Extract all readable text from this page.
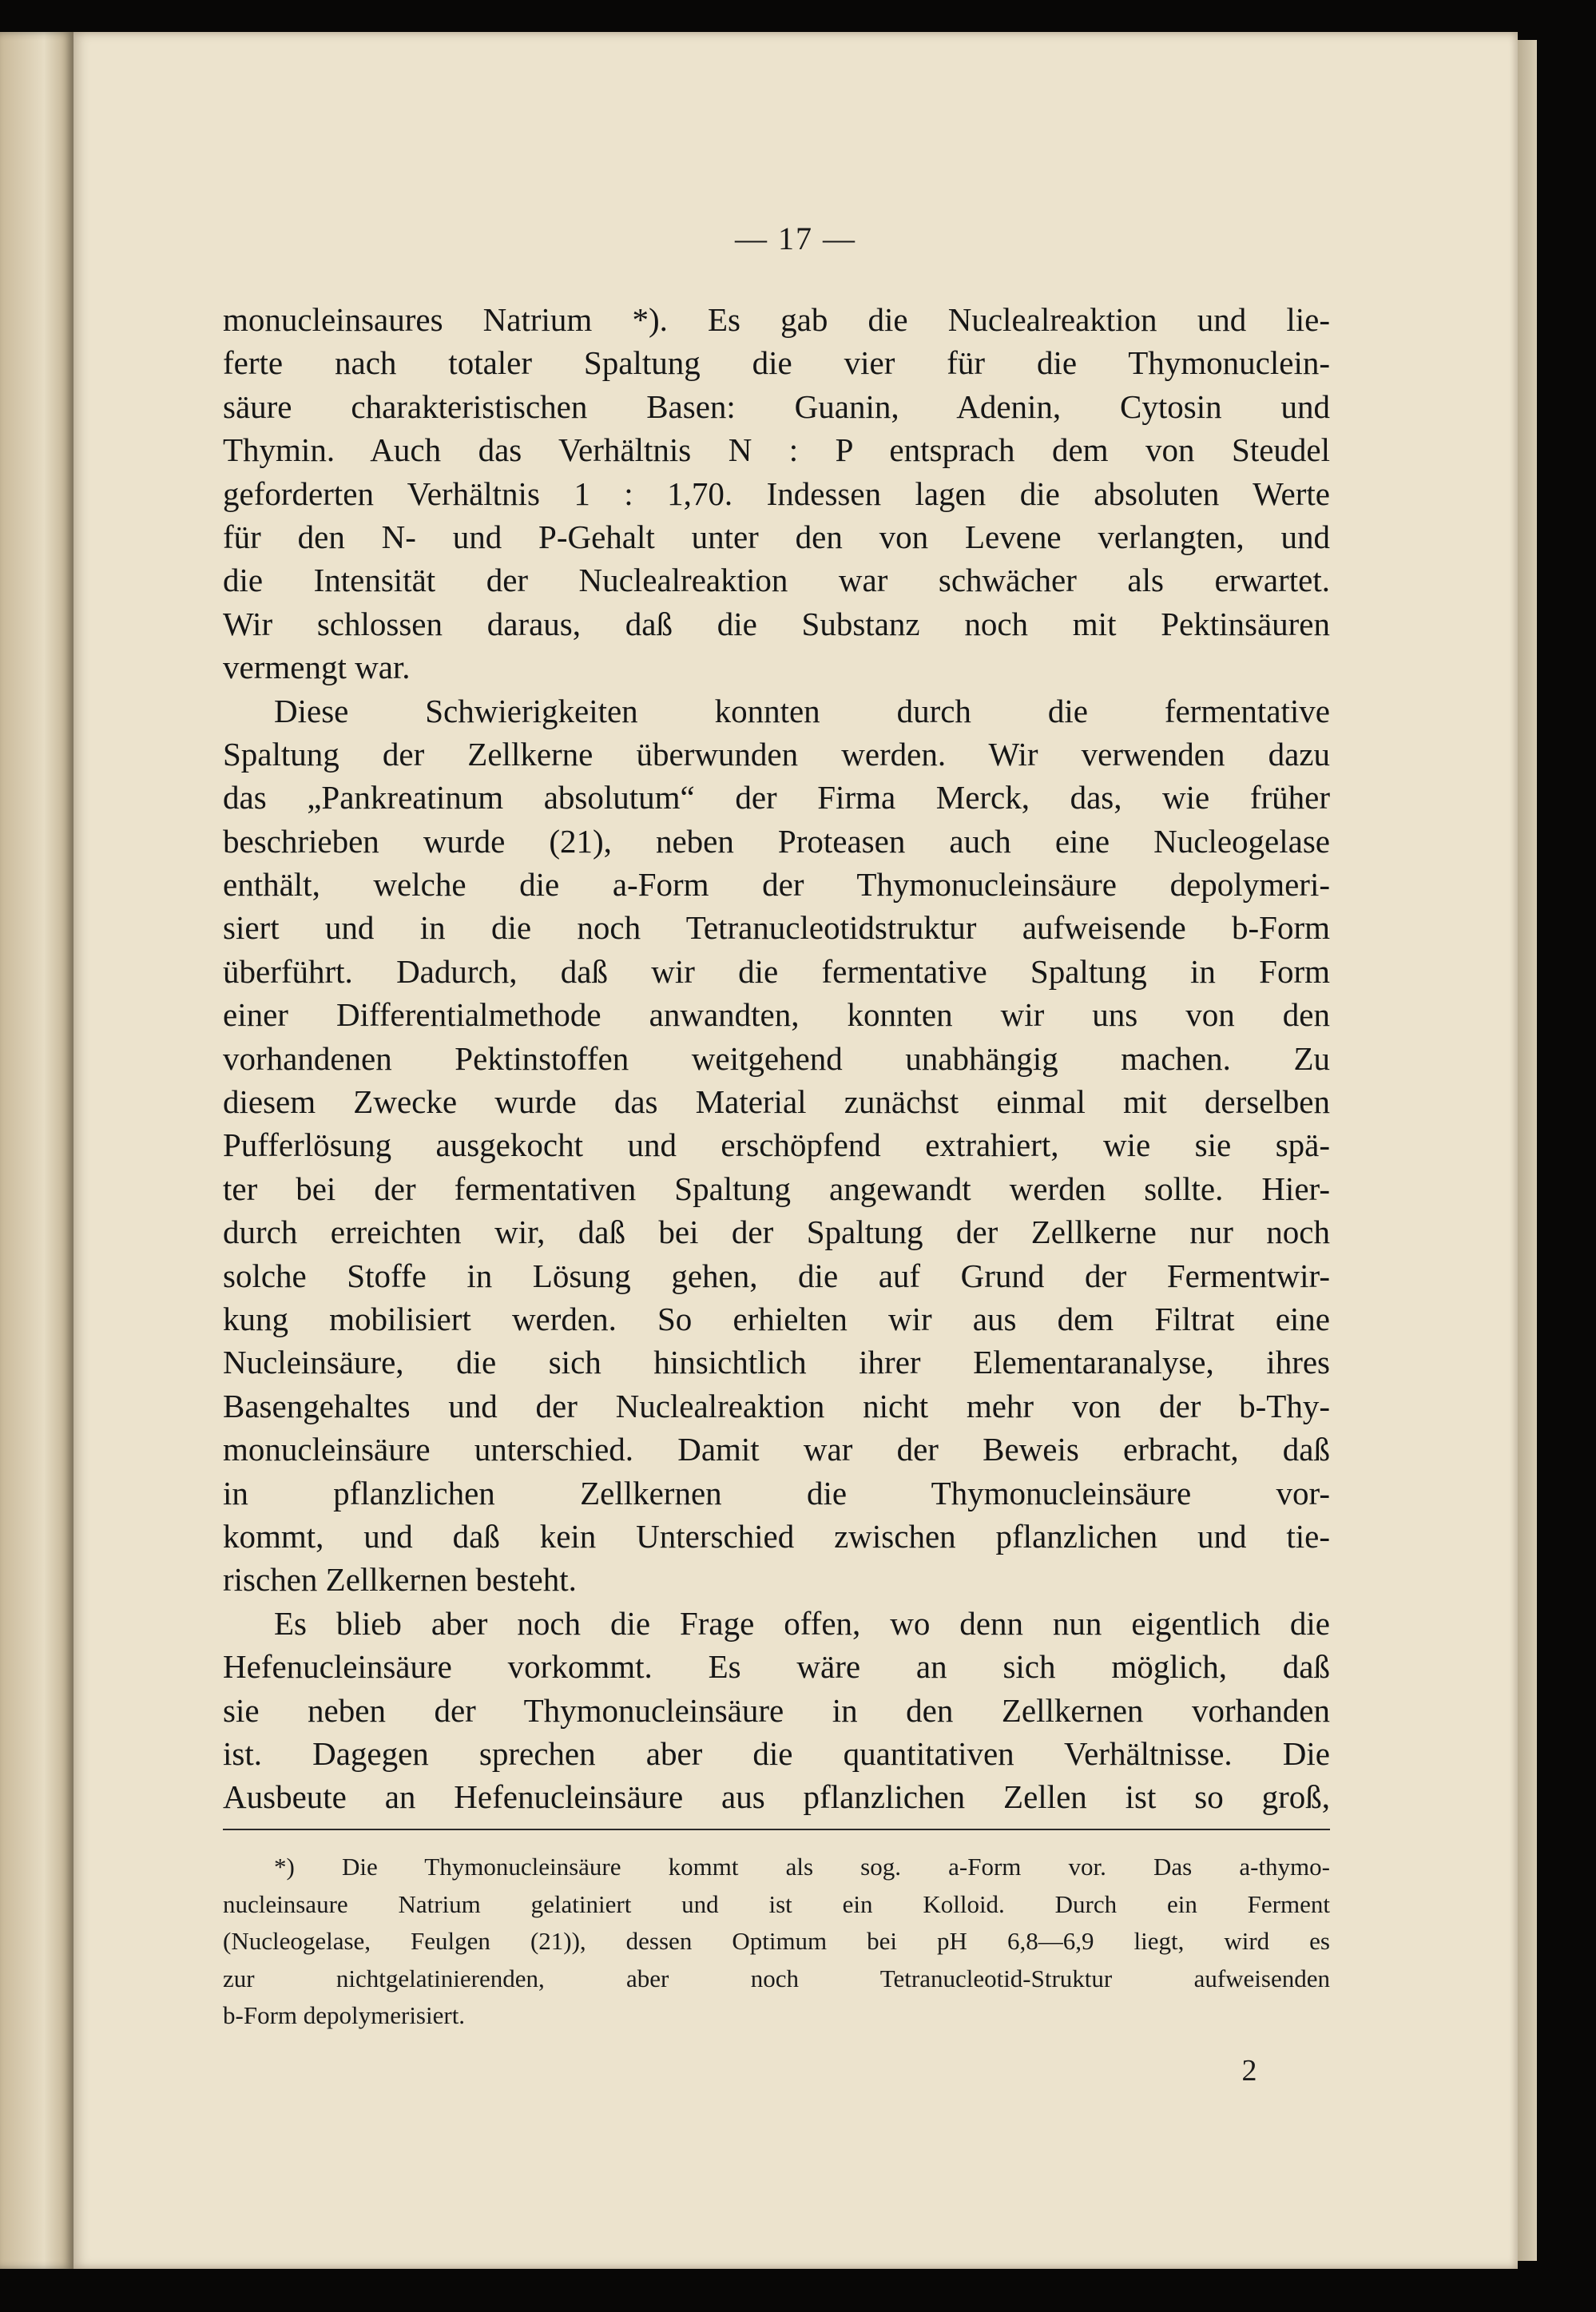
— 17 —
monucleinsaures Natrium *). Es gab die Nuclealreaktion und lie-
ferte nach totaler Spaltung die vier für die Thymonuclein-
säure charakteristischen Basen: Guanin, Adenin, Cytosin und
Thymin. Auch das Verhältnis N : P entsprach dem von Steudel
geforderten Verhältnis 1 : 1,70. Indessen lagen die absoluten Werte
für den N- und P-Gehalt unter den von Levene verlangten, und
die Intensität der Nuclealreaktion war schwächer als erwartet.
Wir schlossen daraus, daß die Substanz noch mit Pektinsäuren
vermengt war.
Diese Schwierigkeiten konnten durch die fermentative
Spaltung der Zellkerne überwunden werden. Wir verwenden dazu
das „Pankreatinum absolutum“ der Firma Merck, das, wie früher
beschrieben wurde (21), neben Proteasen auch eine Nucleogelase
enthält, welche die a-Form der Thymonucleinsäure depolymeri-
siert und in die noch Tetranucleotidstruktur aufweisende b-Form
überführt. Dadurch, daß wir die fermentative Spaltung in Form
einer Differentialmethode anwandten, konnten wir uns von den
vorhandenen Pektinstoffen weitgehend unabhängig machen. Zu
diesem Zwecke wurde das Material zunächst einmal mit derselben
Pufferlösung ausgekocht und erschöpfend extrahiert, wie sie spä-
ter bei der fermentativen Spaltung angewandt werden sollte. Hier-
durch erreichten wir, daß bei der Spaltung der Zellkerne nur noch
solche Stoffe in Lösung gehen, die auf Grund der Fermentwir-
kung mobilisiert werden. So erhielten wir aus dem Filtrat eine
Nucleinsäure, die sich hinsichtlich ihrer Elementaranalyse, ihres
Basengehaltes und der Nuclealreaktion nicht mehr von der b-Thy-
monucleinsäure unterschied. Damit war der Beweis erbracht, daß
in pflanzlichen Zellkernen die Thymonucleinsäure vor-
kommt, und daß kein Unterschied zwischen pflanzlichen und tie-
rischen Zellkernen besteht.
Es blieb aber noch die Frage offen, wo denn nun eigentlich die
Hefenucleinsäure vorkommt. Es wäre an sich möglich, daß
sie neben der Thymonucleinsäure in den Zellkernen vorhanden
ist. Dagegen sprechen aber die quantitativen Verhältnisse. Die
Ausbeute an Hefenucleinsäure aus pflanzlichen Zellen ist so groß,
*) Die Thymonucleinsäure kommt als sog. a-Form vor. Das a-thymo-
nucleinsaure Natrium gelatiniert und ist ein Kolloid. Durch ein Ferment
(Nucleogelase, Feulgen (21)), dessen Optimum bei pH 6,8—6,9 liegt, wird es
zur nichtgelatinierenden, aber noch Tetranucleotid-Struktur aufweisenden
b-Form depolymerisiert.
2
